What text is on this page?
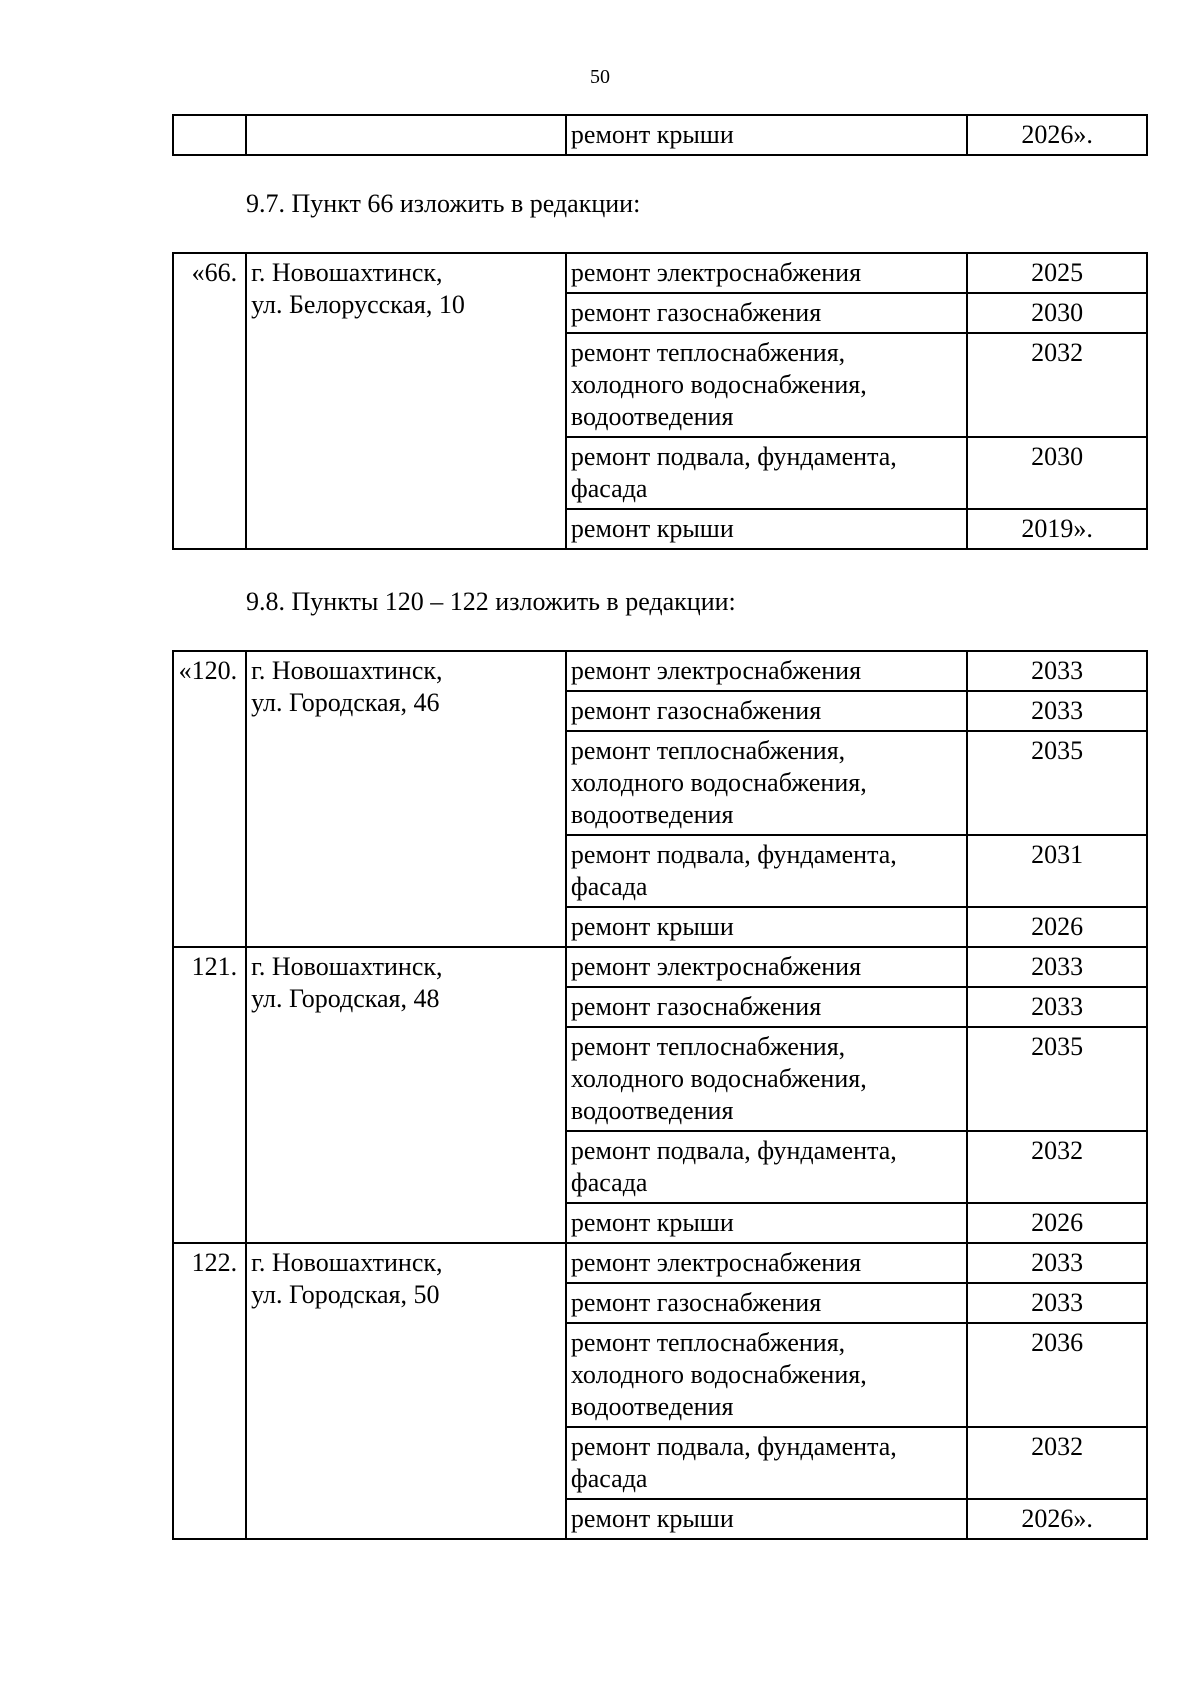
50
		ремонт крыши	2026».
9.7. Пункт 66 изложить в редакции:
«66.	г. Новошахтинск,
ул. Белорусская, 10	ремонт электроснабжения	2025
		ремонт газоснабжения	2030
		ремонт теплоснабжения, холодного водоснабжения, водоотведения	2032
		ремонт подвала, фундамента, фасада	2030
		ремонт крыши	2019».
9.8. Пункты 120 – 122 изложить в редакции:
«120.	г. Новошахтинск,
ул. Городская, 46	ремонт электроснабжения	2033
		ремонт газоснабжения	2033
		ремонт теплоснабжения, холодного водоснабжения, водоотведения	2035
		ремонт подвала, фундамента, фасада	2031
		ремонт крыши	2026
121.	г. Новошахтинск,
ул. Городская, 48	ремонт электроснабжения	2033
		ремонт газоснабжения	2033
		ремонт теплоснабжения, холодного водоснабжения, водоотведения	2035
		ремонт подвала, фундамента, фасада	2032
		ремонт крыши	2026
122.	г. Новошахтинск,
ул. Городская, 50	ремонт электроснабжения	2033
		ремонт газоснабжения	2033
		ремонт теплоснабжения, холодного водоснабжения, водоотведения	2036
		ремонт подвала, фундамента, фасада	2032
		ремонт крыши	2026».
